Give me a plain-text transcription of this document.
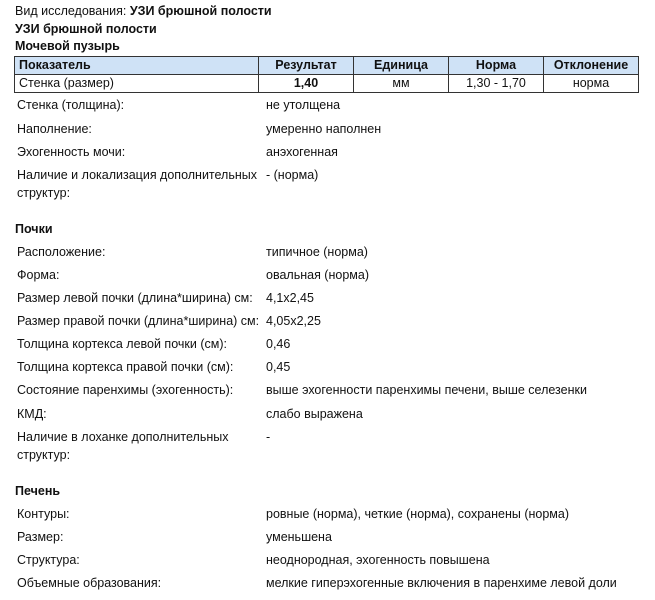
Вид исследования: УЗИ брюшной полости
УЗИ брюшной полости
Мочевой пузырь
Показатель	Результат	Единица	Норма	Отклонение
Стенка (размер)	1,40	мм	1,30 - 1,70	норма
Стенка (толщина):	не утолщена
Наполнение:	умеренно наполнен
Эхогенность мочи:	анэхогенная
Наличие и локализация дополнительных структур:
- (норма)
Почки
Расположение:	типичное (норма)
Форма:	овальная (норма)
Размер левой почки (длина*ширина) см:	4,1х2,45
Размер правой почки (длина*ширина) см: 4,05х2,25
Толщина кортекса левой почки (см):	0,46
Толщина кортекса правой почки (см):	0,45
Состояние паренхимы (эхогенность):	выше эхогенности паренхимы печени, выше селезенки
КМД:	слабо выражена
Наличие в лоханке дополнительных структур:
-
Печень
Контуры:	ровные (норма), четкие (норма), сохранены (норма)
Размер:	уменьшена
Структура:	неоднородная, эхогенность повышена
Объемные образования:	мелкие гиперэхогенные включения в паренхиме левой доли
